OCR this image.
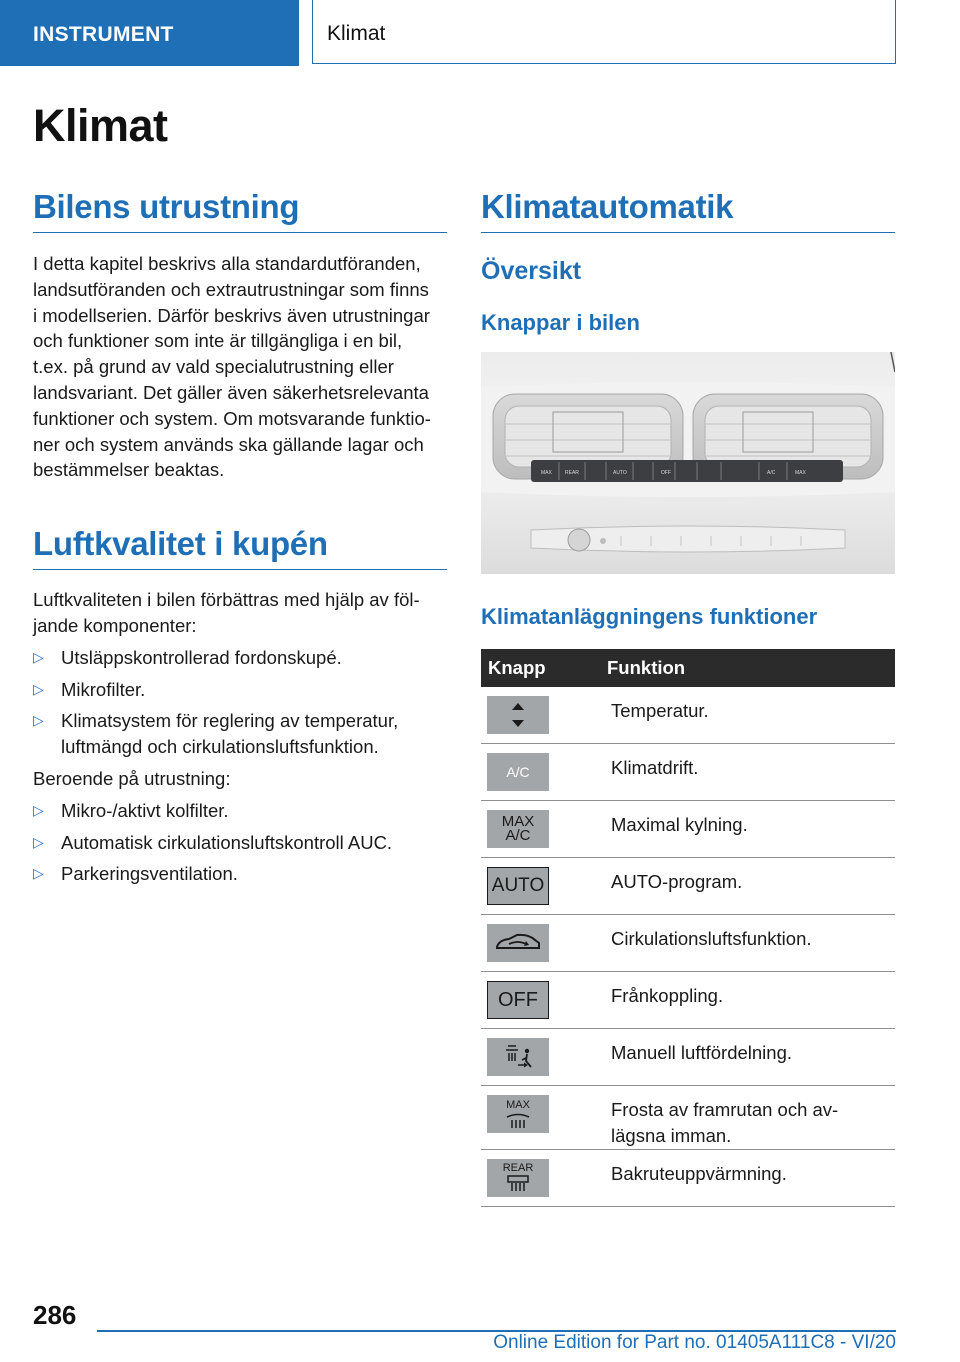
INSTRUMENT	Klimat
Klimat
Bilens utrustning

I detta kapitel beskrivs alla standardutföranden,
landsutföranden och extrautrustningar som finns
i modellserien. Därför beskrivs även utrustningar
och funktioner som inte är tillgängliga i en bil,
t.ex. på grund av vald specialutrustning eller
landsvariant. Det gäller även säkerhetsrelevanta
funktioner och system. Om motsvarande funktio-
ner och system används ska gällande lagar och
bestämmelser beaktas.

Luftkvalitet i kupén

Luftkvaliteten i bilen förbättras med hjälp av föl-
jande komponenter:

▷ Utsläppskontrollerad fordonskupé.
▷ Mikrofilter.
▷ Klimatsystem för reglering av temperatur,
luftmängd och cirkulationsluftsfunktion.

Beroende på utrustning:

▷ Mikro-/aktivt kolfilter.
▷ Automatisk cirkulationsluftskontroll AUC.
▷ Parkeringsventilation.
Klimatautomatik
Översikt
Knappar i bilen
MAX	REAR	AUTO	OFF	A/C	MAX
Klimatanläggningens funktioner
Knapp	Funktion

	Temperatur.

A/C	Klimatdrift.

MAX
A/C	Maximal kylning.

AUTO	AUTO-program.

	Cirkulationsluftsfunktion.

OFF	Frånkoppling.

	Manuell luftfördelning.

MAX	Frosta av framrutan och av-
lägsna imman.

REAR	Bakruteuppvärmning.
286
Online Edition for Part no. 01405A111C8 - VI/20
